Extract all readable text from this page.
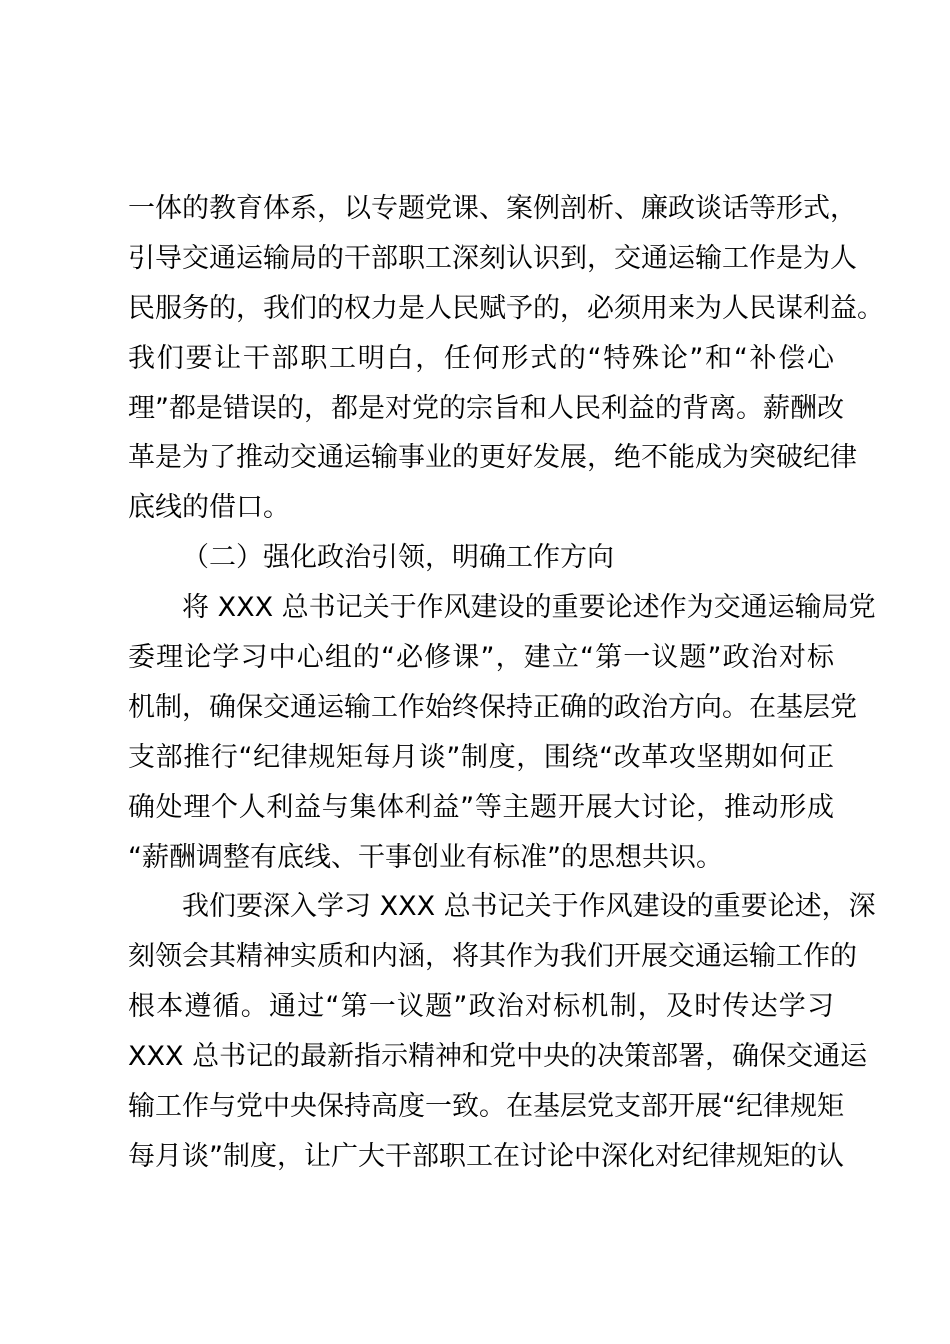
一体的教育体系，以专题党课、案例剖析、廉政谈话等形式，
引导交通运输局的干部职工深刻认识到，交通运输工作是为人
民服务的，我们的权力是人民赋予的，必须用来为人民谋利益。
我们要让干部职工明白，任何形式的“特殊论”和“补偿心
理”都是错误的，都是对党的宗旨和人民利益的背离。薪酬改
革是为了推动交通运输事业的更好发展，绝不能成为突破纪律
底线的借口。
（二）强化政治引领，明确工作方向
将 XXX 总书记关于作风建设的重要论述作为交通运输局党
委理论学习中心组的“必修课”，建立“第一议题”政治对标
机制，确保交通运输工作始终保持正确的政治方向。在基层党
支部推行“纪律规矩每月谈”制度，围绕“改革攻坚期如何正
确处理个人利益与集体利益”等主题开展大讨论，推动形成
“薪酬调整有底线、干事创业有标准”的思想共识。
我们要深入学习 XXX 总书记关于作风建设的重要论述，深
刻领会其精神实质和内涵，将其作为我们开展交通运输工作的
根本遵循。通过“第一议题”政治对标机制，及时传达学习
XXX 总书记的最新指示精神和党中央的决策部署，确保交通运
输工作与党中央保持高度一致。在基层党支部开展“纪律规矩
每月谈”制度，让广大干部职工在讨论中深化对纪律规矩的认
